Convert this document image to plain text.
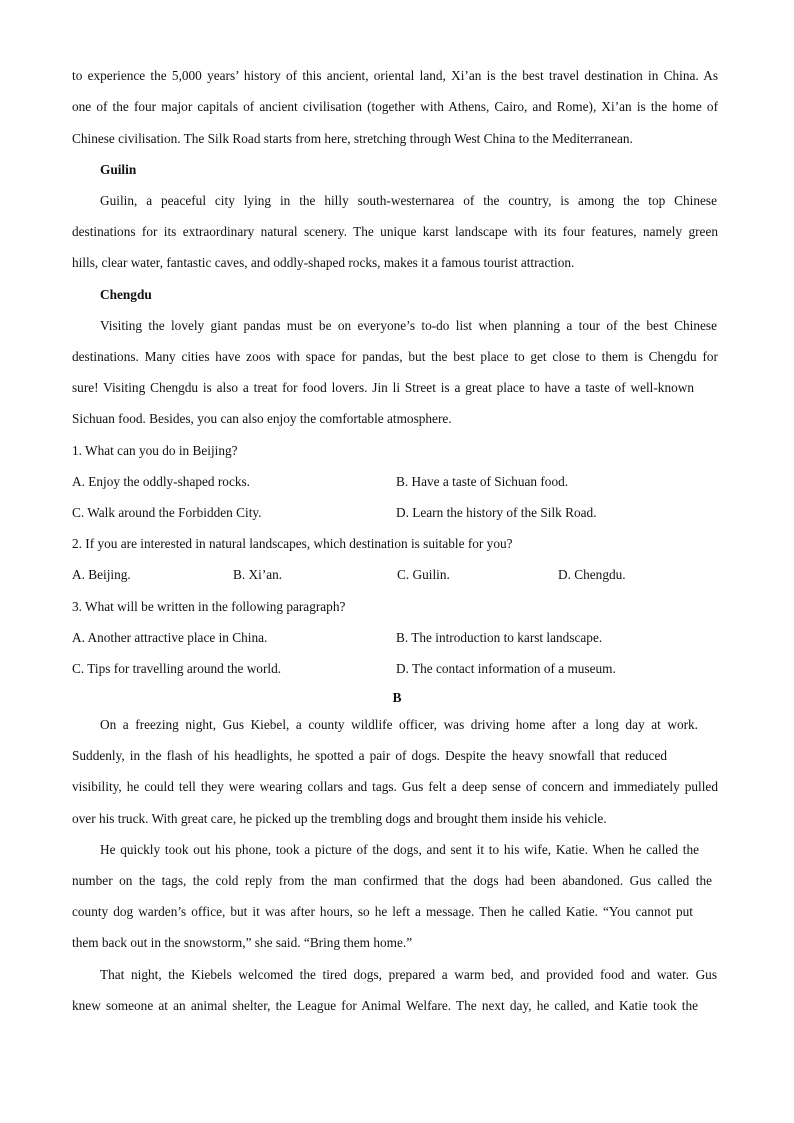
to experience the 5,000 years’ history of this ancient, oriental land, Xi’an is the best travel destination in China. As
one of the four major capitals of ancient civilisation (together with Athens, Cairo, and Rome), Xi’an is the home of
Chinese civilisation. The Silk Road starts from here, stretching through West China to the Mediterranean.
Guilin
Guilin, a peaceful city lying in the hilly south-westernarea of the country, is among the top Chinese
destinations for its extraordinary natural scenery. The unique karst landscape with its four features, namely green
hills, clear water, fantastic caves, and oddly-shaped rocks, makes it a famous tourist attraction.
Chengdu
Visiting the lovely giant pandas must be on everyone’s to-do list when planning a tour of the best Chinese
destinations. Many cities have zoos with space for pandas, but the best place to get close to them is Chengdu for
sure! Visiting Chengdu is also a treat for food lovers. Jin li Street is a great place to have a taste of well-known
Sichuan food. Besides, you can also enjoy the comfortable atmosphere.
1. What can you do in Beijing?
A. Enjoy the oddly-shaped rocks.	B. Have a taste of Sichuan food.
C. Walk around the Forbidden City.	D. Learn the history of the Silk Road.
2. If you are interested in natural landscapes, which destination is suitable for you?
A. Beijing.	B. Xi’an.	C. Guilin.	D. Chengdu.
3. What will be written in the following paragraph?
A. Another attractive place in China.	B. The introduction to karst landscape.
C. Tips for travelling around the world.	D. The contact information of a museum.
B
On a freezing night, Gus Kiebel, a county wildlife officer, was driving home after a long day at work.
Suddenly, in the flash of his headlights, he spotted a pair of dogs. Despite the heavy snowfall that reduced
visibility, he could tell they were wearing collars and tags. Gus felt a deep sense of concern and immediately pulled
over his truck. With great care, he picked up the trembling dogs and brought them inside his vehicle.
He quickly took out his phone, took a picture of the dogs, and sent it to his wife, Katie. When he called the
number on the tags, the cold reply from the man confirmed that the dogs had been abandoned. Gus called the
county dog warden’s office, but it was after hours, so he left a message. Then he called Katie. “You cannot put
them back out in the snowstorm,” she said. “Bring them home.”
That night, the Kiebels welcomed the tired dogs, prepared a warm bed, and provided food and water. Gus
knew someone at an animal shelter, the League for Animal Welfare. The next day, he called, and Katie took the
